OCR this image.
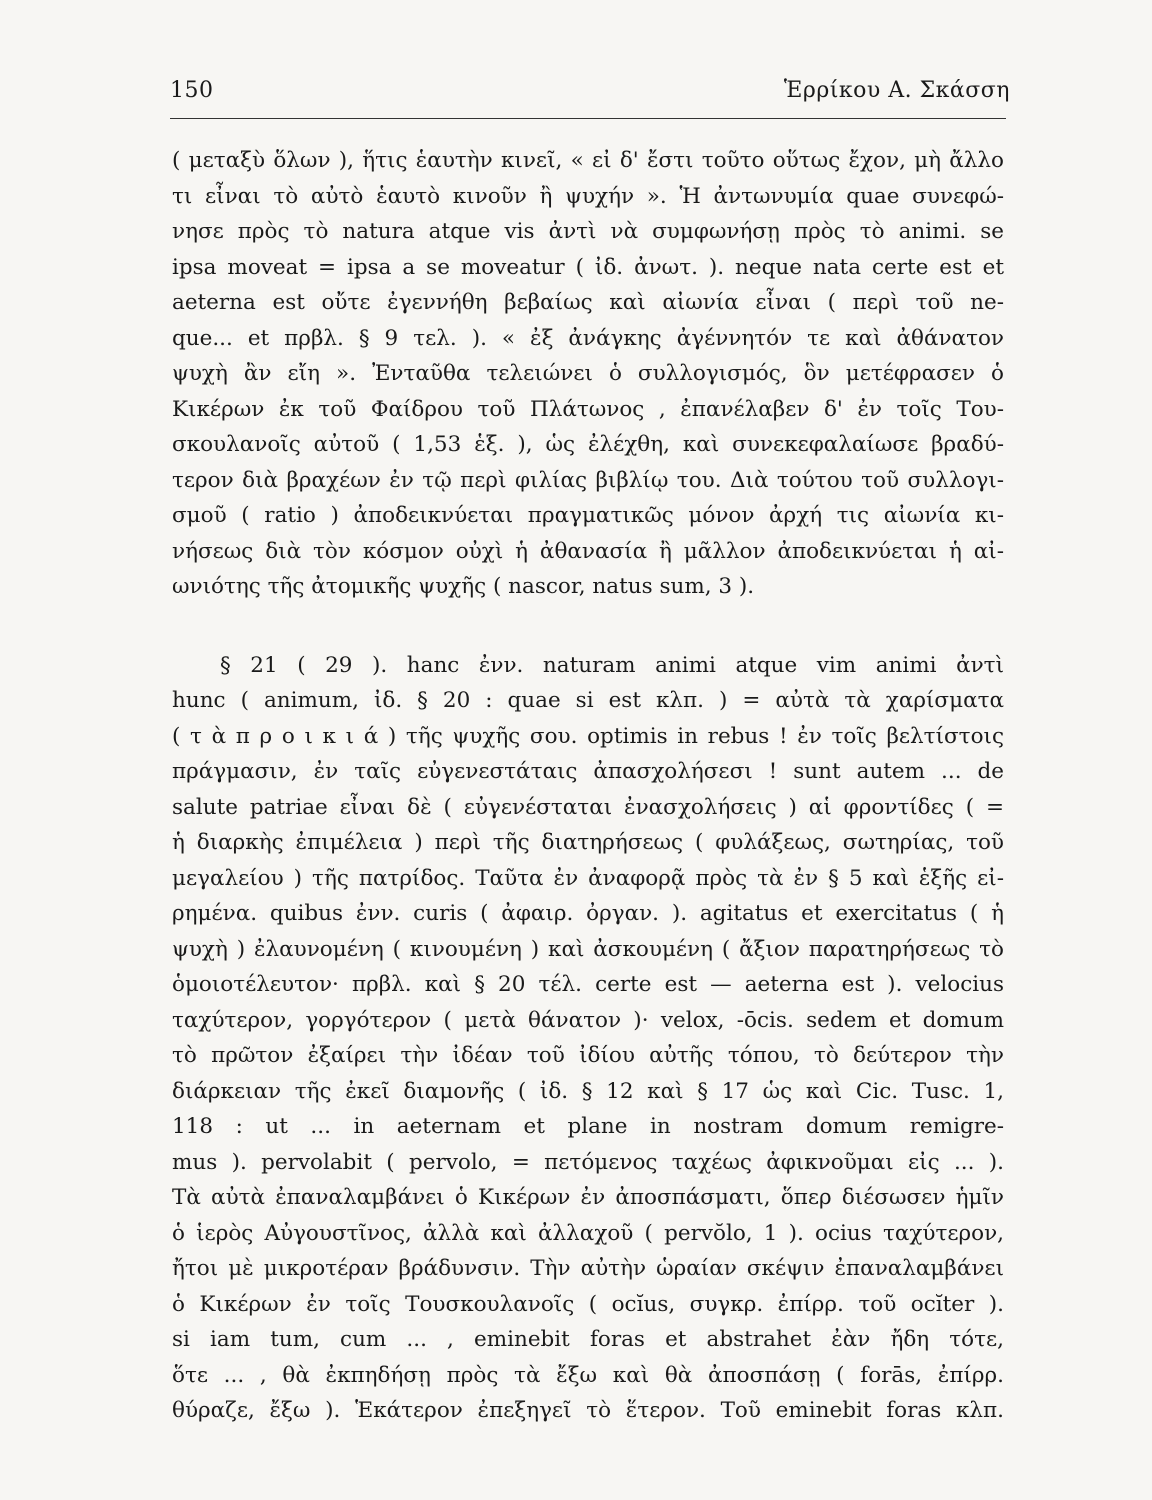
150	Ἑρρίκου Α. Σκάσση
( μεταξὺ ὅλων ), ἥτις ἑαυτὴν κινεῖ, « εἰ δ' ἔστι τοῦτο οὕτως ἔχον, μὴ ἄλλο
τι εἶναι τὸ αὐτὸ ἑαυτὸ κινοῦν ἢ ψυχήν ». Ἡ ἀντωνυμία quae συνεφώ-
νησε πρὸς τὸ natura atque vis ἀντὶ νὰ συμφωνήσῃ πρὸς τὸ animi. se
ipsa moveat = ipsa a se moveatur ( ἰδ. ἀνωτ. ). neque nata certe est et
aeterna est οὔτε ἐγεννήθη βεβαίως καὶ αἰωνία εἶναι ( περὶ τοῦ ne-
que... et πρβλ. § 9 τελ. ). « ἐξ ἀνάγκης ἀγέννητόν τε καὶ ἀθάνατον
ψυχὴ ἂν εἴη ». Ἐνταῦθα τελειώνει ὁ συλλογισμός, ὃν μετέφρασεν ὁ
Κικέρων ἐκ τοῦ Φαίδρου τοῦ Πλάτωνος , ἐπανέλαβεν δ' ἐν τοῖς Του-
σκουλανοῖς αὐτοῦ ( 1,53 ἑξ. ), ὡς ἐλέχθη, καὶ συνεκεφαλαίωσε βραδύ-
τερον διὰ βραχέων ἐν τῷ περὶ φιλίας βιβλίῳ του. Διὰ τούτου τοῦ συλλογι-
σμοῦ ( ratio ) ἀποδεικνύεται πραγματικῶς μόνον ἀρχή τις αἰωνία κι-
νήσεως διὰ τὸν κόσμον οὐχὶ ἡ ἀθανασία ἢ μᾶλλον ἀποδεικνύεται ἡ αἰ-
ωνιότης τῆς ἀτομικῆς ψυχῆς ( nascor, natus sum, 3 ).
§ 21 ( 29 ). hanc ἐνν. naturam animi atque vim animi ἀντὶ
hunc ( animum, ἰδ. § 20 : quae si est κλπ. ) = αὐτὰ τὰ χαρίσματα
( τ ὰ π ρ ο ι κ ι ά ) τῆς ψυχῆς σου. optimis in rebus ! ἐν τοῖς βελτίστοις
πράγμασιν, ἐν ταῖς εὐγενεστάταις ἀπασχολήσεσι ! sunt autem ... de
salute patriae εἶναι δὲ ( εὐγενέσταται ἐνασχολήσεις ) αἱ φροντίδες ( =
ἡ διαρκὴς ἐπιμέλεια ) περὶ τῆς διατηρήσεως ( φυλάξεως, σωτηρίας, τοῦ
μεγαλείου ) τῆς πατρίδος. Ταῦτα ἐν ἀναφορᾷ πρὸς τὰ ἐν § 5 καὶ ἑξῆς εἰ-
ρημένα. quibus ἐνν. curis ( ἀφαιρ. ὀργαν. ). agitatus et exercitatus ( ἡ
ψυχὴ ) ἐλαυνομένη ( κινουμένη ) καὶ ἀσκουμένη ( ἄξιον παρατηρήσεως τὸ
ὁμοιοτέλευτον· πρβλ. καὶ § 20 τέλ. certe est — aeterna est ). velocius
ταχύτερον, γοργότερον ( μετὰ θάνατον )· velox, -ōcis. sedem et domum
τὸ πρῶτον ἐξαίρει τὴν ἰδέαν τοῦ ἰδίου αὐτῆς τόπου, τὸ δεύτερον τὴν
διάρκειαν τῆς ἐκεῖ διαμονῆς ( ἰδ. § 12 καὶ § 17 ὡς καὶ Cic. Tusc. 1,
118 : ut ... in aeternam et plane in nostram domum remigre-
mus ). pervolabit ( pervolo, = πετόμενος ταχέως ἀφικνοῦμαι εἰς ... ).
Τὰ αὐτὰ ἐπαναλαμβάνει ὁ Κικέρων ἐν ἀποσπάσματι, ὅπερ διέσωσεν ἡμῖν
ὁ ἱερὸς Αὐγουστῖνος, ἀλλὰ καὶ ἀλλαχοῦ ( pervŏlo, 1 ). ocius ταχύτερον,
ἤτοι μὲ μικροτέραν βράδυνσιν. Τὴν αὐτὴν ὡραίαν σκέψιν ἐπαναλαμβάνει
ὁ Κικέρων ἐν τοῖς Τουσκουλανοῖς ( ocĭus, συγκρ. ἐπίρρ. τοῦ ocĭter ).
si iam tum, cum ... , eminebit foras et abstrahet ἐὰν ἤδη τότε,
ὅτε ... , θὰ ἐκπηδήσῃ πρὸς τὰ ἔξω καὶ θὰ ἀποσπάσῃ ( forās, ἐπίρρ.
θύραζε, ἔξω ). Ἑκάτερον ἐπεξηγεῖ τὸ ἕτερον. Τοῦ eminebit foras κλπ.
